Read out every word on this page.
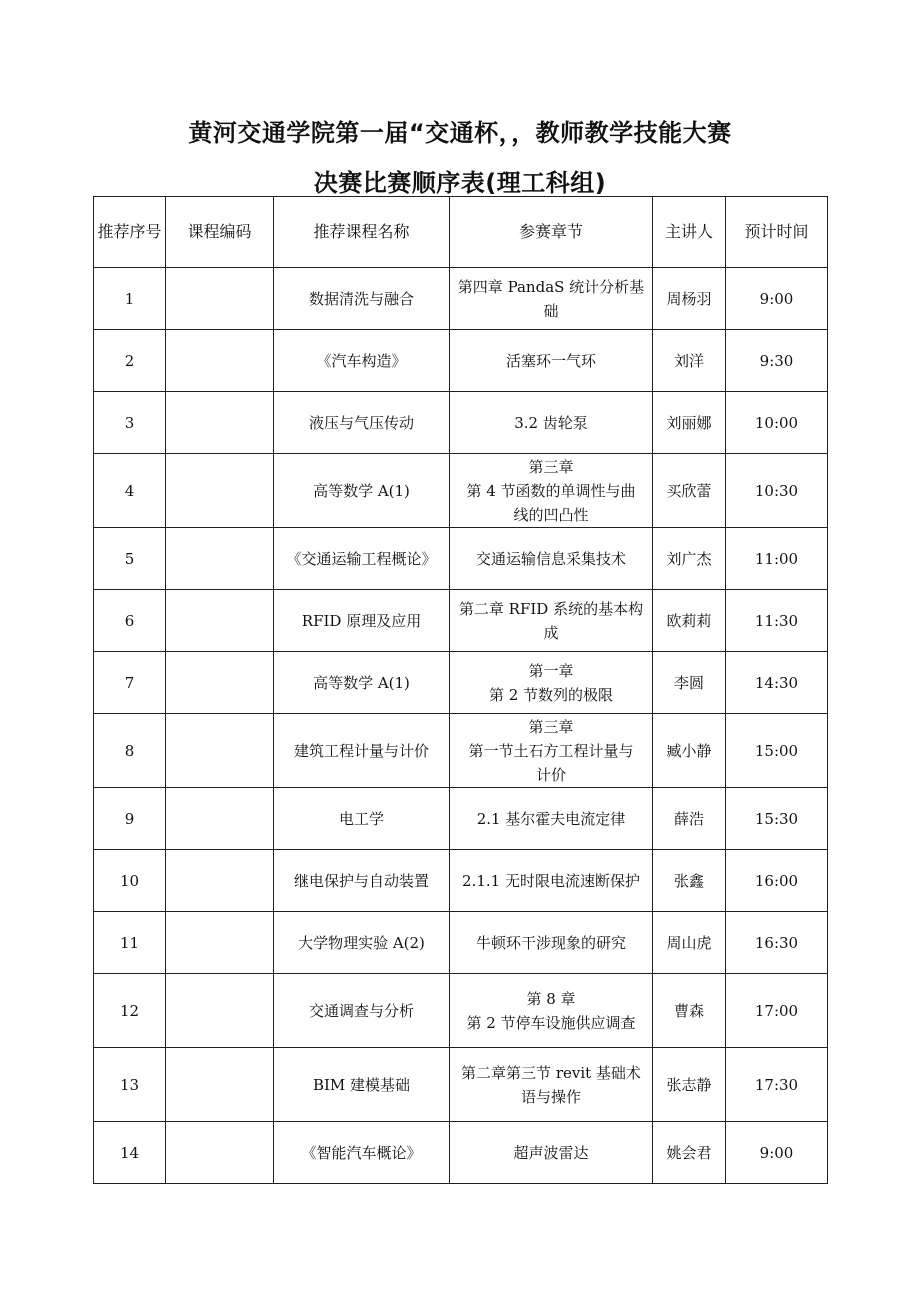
黄河交通学院第一届“交通杯，，教师教学技能大赛
决赛比赛顺序表(理工科组)
推荐序号	课程编码	推荐课程名称	参赛章节	主讲人	预计时间
1		数据清洗与融合	第四章 PandaS 统计分析基
础	周杨羽	9:00
2		《汽车构造》	活塞环一气环	刘洋	9:30
3		液压与气压传动	3.2 齿轮泵	刘丽娜	10:00
4		高等数学 A(1)	第三章
第 4 节函数的单调性与曲
线的凹凸性	买欣蕾	10:30
5		《交通运输工程概论》	交通运输信息采集技术	刘广杰	11:00
6		RFID 原理及应用	第二章 RFID 系统的基本构
成	欧莉莉	11:30
7		高等数学 A(1)	第一章
第 2 节数列的极限	李圆	14:30
8		建筑工程计量与计价	第三章
第一节土石方工程计量与
计价	臧小静	15:00
9		电工学	2.1 基尔霍夫电流定律	薛浩	15:30
10		继电保护与自动装置	2.1.1 无时限电流速断保护	张鑫	16:00
11		大学物理实验 A(2)	牛顿环干涉现象的研究	周山虎	16:30
12		交通调查与分析	第 8 章
第 2 节停车设施供应调查	曹森	17:00
13		BIM 建模基础	第二章第三节 revit 基础术
语与操作	张志静	17:30
14		《智能汽车概论》	超声波雷达	姚会君	9:00
